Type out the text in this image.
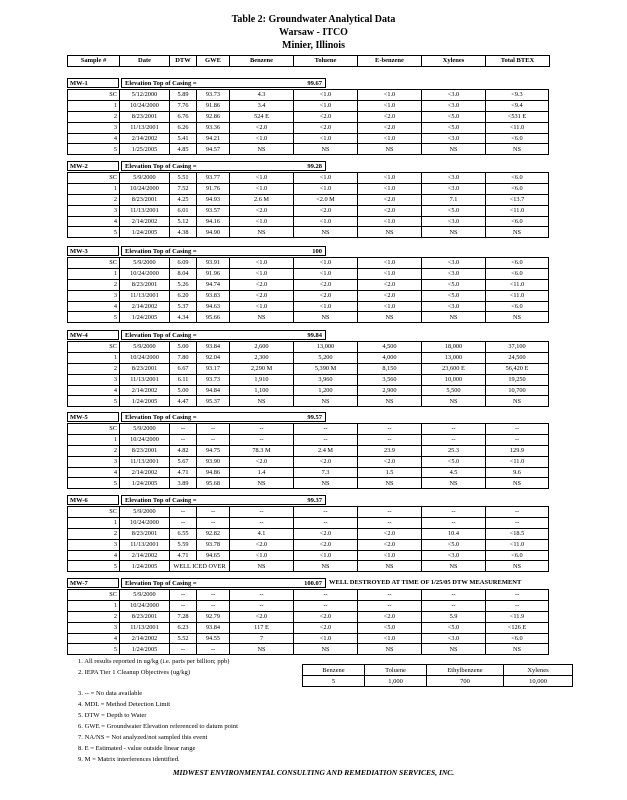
Table 2: Groundwater Analytical Data
Warsaw - ITCO
Minier, Illinois
Sample #	Date	DTW	GWE	Benzene	Toluene	E-benzene	Xylenes	Total BTEX
MW-1	Elevation Top of Casing =	99.67
SC	5/12/2000	5.89	93.73	4.3	<1.0	<1.0	<3.0	<9.3
1	10/24/2000	7.76	91.86	3.4	<1.0	<1.0	<3.0	<9.4
2	8/23/2001	6.76	92.86	524 E	<2.0	<2.0	<5.0	<531 E
3	11/13/2001	6.26	93.36	<2.0	<2.0	<2.0	<5.0	<11.0
4	2/14/2002	5.41	94.21	<1.0	<1.0	<1.0	<3.0	<6.0
5	1/25/2005	4.85	94.57	NS	NS	NS	NS	NS
MW-2	Elevation Top of Casing =	99.28
SC	5/9/2000	5.51	93.77	<1.0	<1.0	<1.0	<3.0	<6.0
1	10/24/2000	7.52	91.76	<1.0	<1.0	<1.0	<3.0	<6.0
2	8/23/2001	4.25	94.93	2.6 M	<2.0 M	<2.0	7.1	<13.7
3	11/13/2001	6.01	93.57	<2.0	<2.0	<2.0	<5.0	<11.0
4	2/14/2002	5.12	94.16	<1.0	<1.0	<1.0	<3.0	<6.0
5	1/24/2005	4.38	94.90	NS	NS	NS	NS	NS
MW-3	Elevation Top of Casing =	100
SC	5/9/2000	6.09	93.91	<1.0	<1.0	<1.0	<3.0	<6.0
1	10/24/2000	8.04	91.96	<1.0	<1.0	<1.0	<3.0	<6.0
2	8/23/2001	5.26	94.74	<2.0	<2.0	<2.0	<5.0	<11.0
3	11/13/2001	6.20	93.83	<2.0	<2.0	<2.0	<5.0	<11.0
4	2/14/2002	5.37	94.63	<1.0	<1.0	<1.0	<3.0	<6.0
5	1/24/2005	4.34	95.66	NS	NS	NS	NS	NS
MW-4	Elevation Top of Casing =	99.84
SC	5/9/2000	5.00	93.84	2,600	13,000	4,500	18,000	37,100
1	10/24/2000	7.80	92.04	2,300	5,200	4,000	13,000	24,500
2	8/23/2001	6.67	93.17	2,290 M	5,390 M	8,150	23,600 E	56,420 E
3	11/13/2001	6.11	93.73	1,910	3,960	3,560	10,000	19,250
4	2/14/2002	5.00	94.84	1,100	1,200	2,900	5,500	10,700
5	1/24/2005	4.47	95.37	NS	NS	NS	NS	NS
MW-5	Elevation Top of Casing =	99.57
SC	5/9/2000	--	--	--	--	--	--	--
1	10/24/2000	--	--	--	--	--	--	--
2	8/23/2001	4.82	94.75	78.3 M	2.4 M	23.9	25.3	129.9
3	11/13/2001	5.67	93.90	<2.0	<2.0	<2.0	<5.0	<11.0
4	2/14/2002	4.71	94.86	1.4	7.3	1.5	4.5	9.6
5	1/24/2005	3.89	95.68	NS	NS	NS	NS	NS
MW-6	Elevation Top of Casing =	99.37
SC	5/9/2000	--	--	--	--	--	--	--
1	10/24/2000	--	--	--	--	--	--	--
2	8/23/2001	6.55	92.82	4.1	<2.0	<2.0	10.4	<18.5
3	11/13/2001	5.59	93.78	<2.0	<2.0	<2.0	<5.0	<11.0
4	2/14/2002	4.71	94.65	<1.0	<1.0	<1.0	<3.0	<6.0
5	1/24/2005	WELL ICED OVER		NS	NS	NS	NS	NS
MW-7	Elevation Top of Casing =	100.07 WELL DESTROYED AT TIME OF 1/25/05 DTW MEASUREMENT
SC	5/9/2000	--	--	--	--	--	--	--
1	10/24/2000	--	--	--	--	--	--	--
2	8/23/2001	7.28	92.79	<2.0	<2.0	<2.0	5.9	<11.9
3	11/13/2001	6.23	93.84	117 E	<2.0	<5.0	<5.0	<126 E
4	2/14/2002	5.52	94.55	7	<1.0	<1.0	<3.0	<6.0
5	1/24/2005	--	--	NS	NS	NS	NS	NS
1. All results reported in ug/kg (i.e. parts per billion; ppb)
2. IEPA Tier 1 Cleanup Objectives (ug/kg)
3. -- = No data available
4. MDL = Method Detection Limit
5. DTW = Depth to Water
6. GWE = Groundwater Elevation referenced to datum point
7. NA/NS = Not analyzed/not sampled this event
8. E = Estimated - value outside linear range
9. M = Matrix interferences identified.
Benzene	Toluene	Ethylbenzene	Xylenes
5	1,000	700	10,000
MIDWEST ENVIRONMENTAL CONSULTING AND REMEDIATION SERVICES, INC.
